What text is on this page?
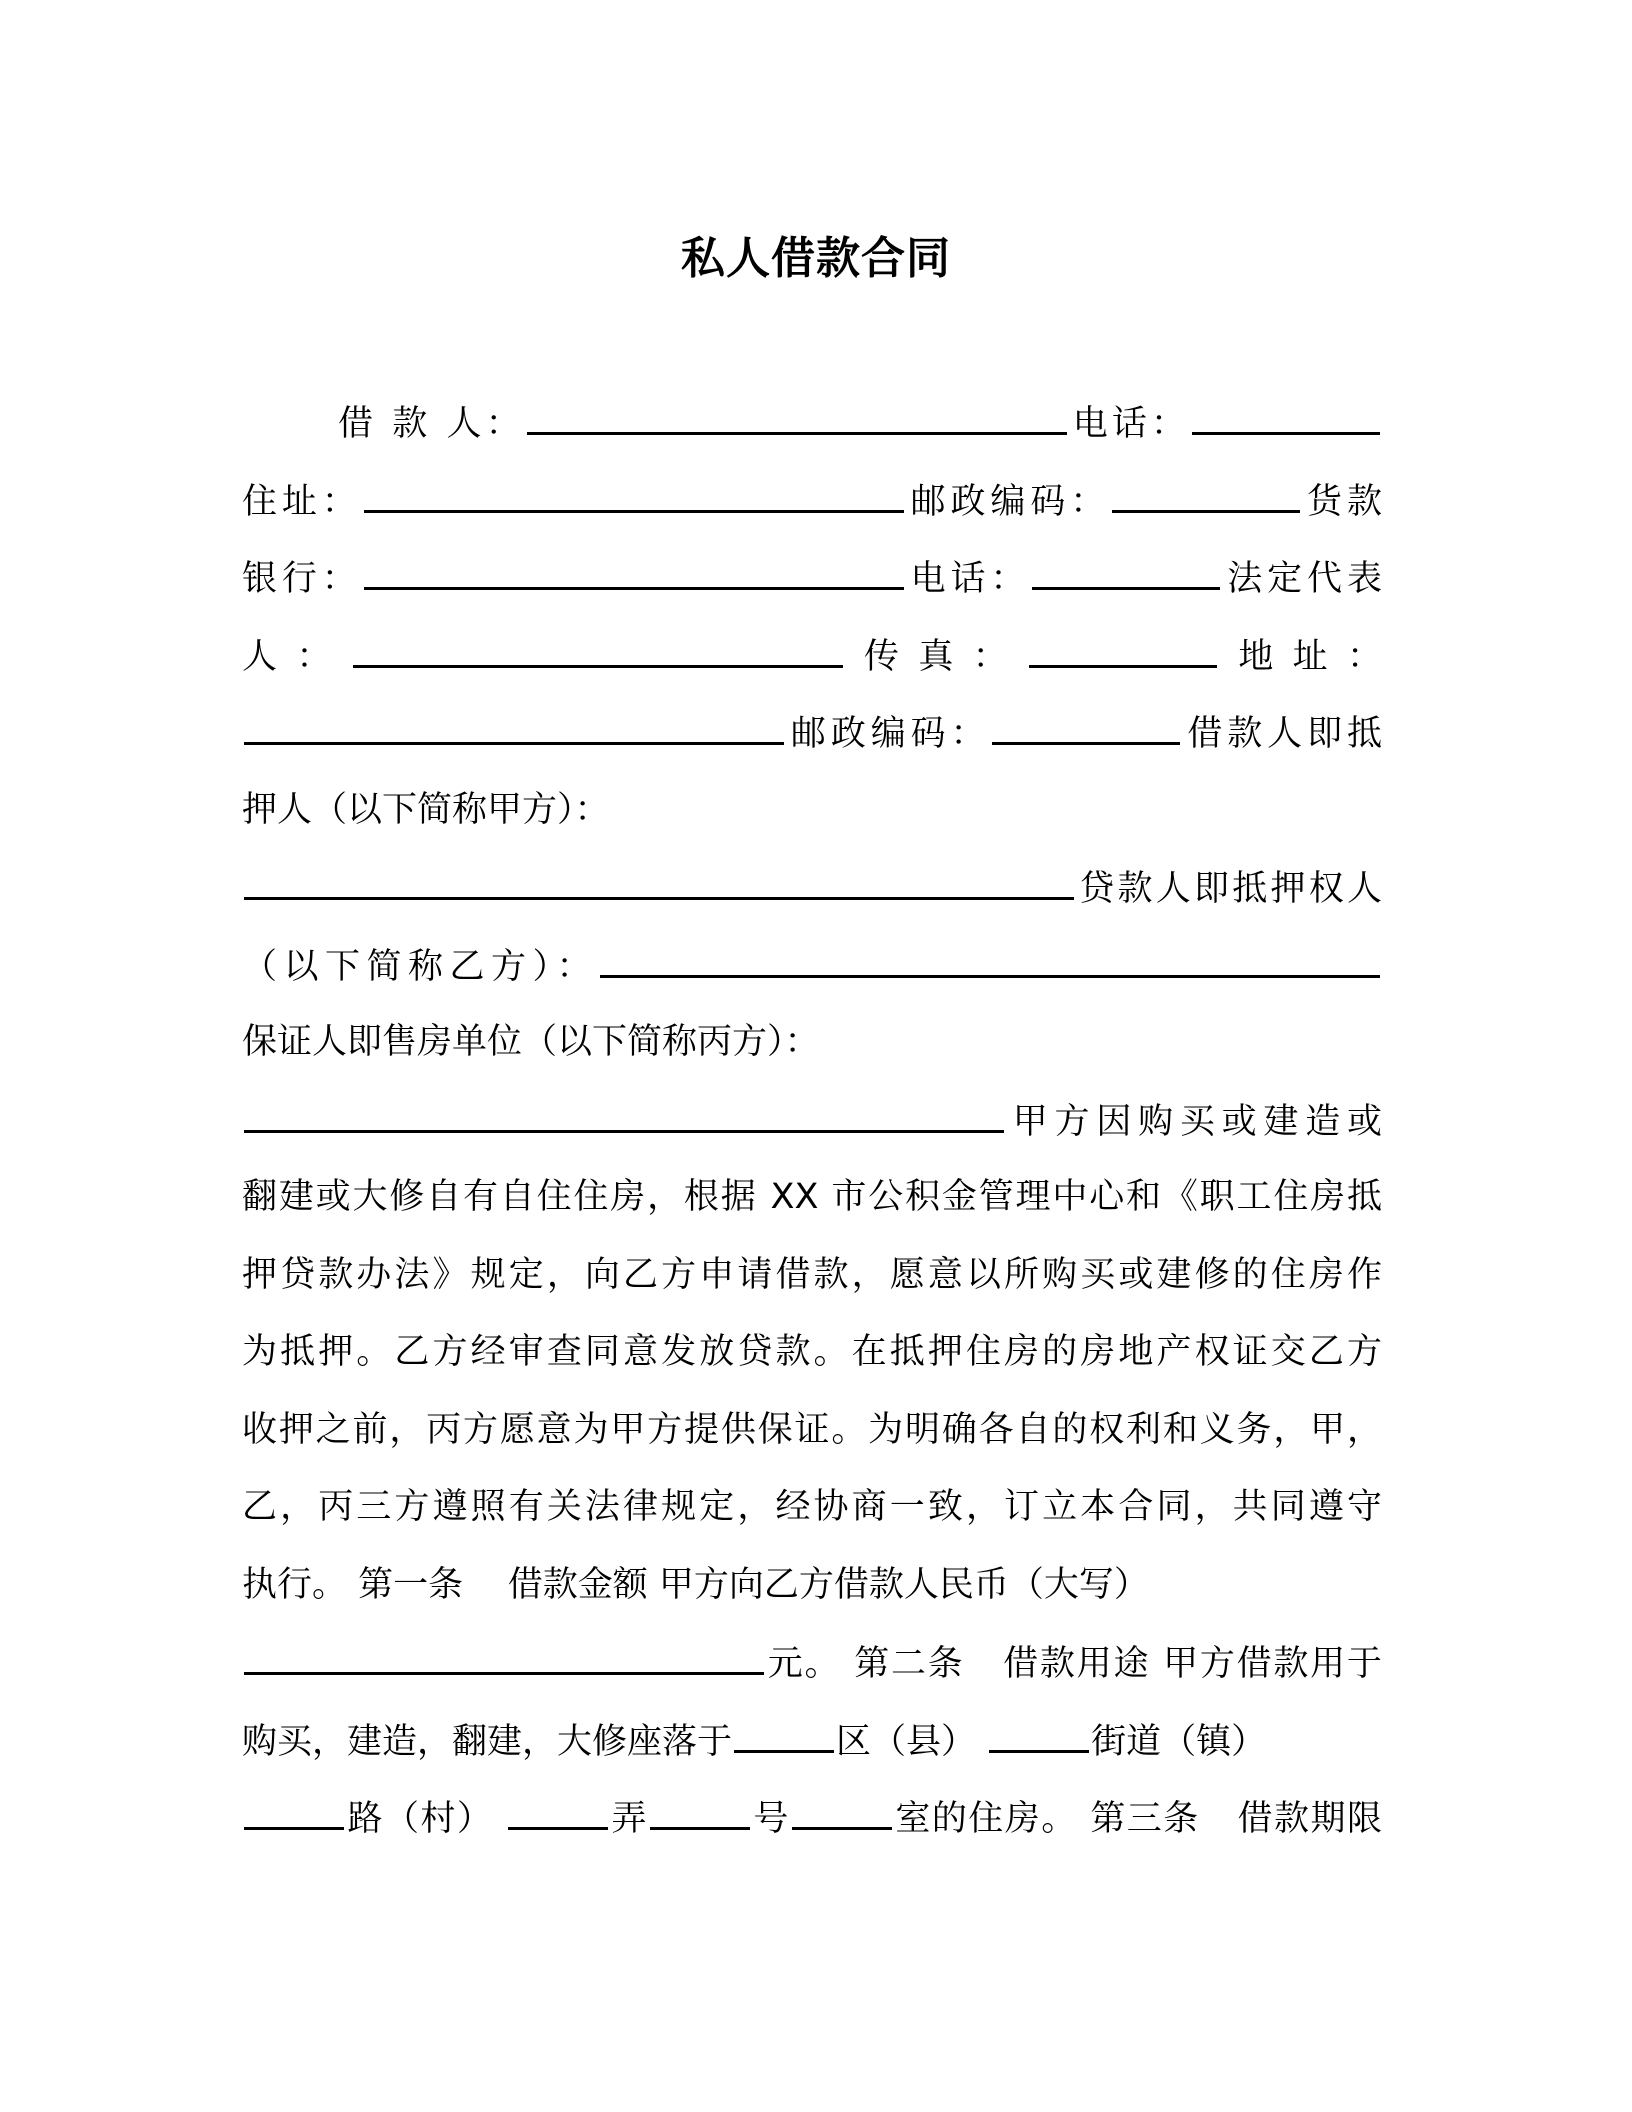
私人借款合同
借 款 人：	电话：
住址：	邮政编码：	货款
银行：	电话：	法定代表
人：	传真：	地址：
邮政编码：	借款人即抵
押人（以下简称甲方）：
贷款人即抵押权人
（以下简称乙方）：
保证人即售房单位（以下简称丙方）：
甲方因购买或建造或
翻建或大修自有自住住房，根据 XX 市公积金管理中心和《职工住房抵
押贷款办法》规定，向乙方申请借款，愿意以所购买或建修的住房作
为抵押。乙方经审查同意发放贷款。在抵押住房的房地产权证交乙方
收押之前，丙方愿意为甲方提供保证。为明确各自的权利和义务，甲，
乙，丙三方遵照有关法律规定，经协商一致，订立本合同，共同遵守
执行。 第一条 借款金额 甲方向乙方借款人民币（大写）
元。 第二条 借款用途 甲方借款用于
购买，建造，翻建，大修座落于	区（县）	街道（镇）
路（村）	弄	号	室的住房。 第三条 借款期限
